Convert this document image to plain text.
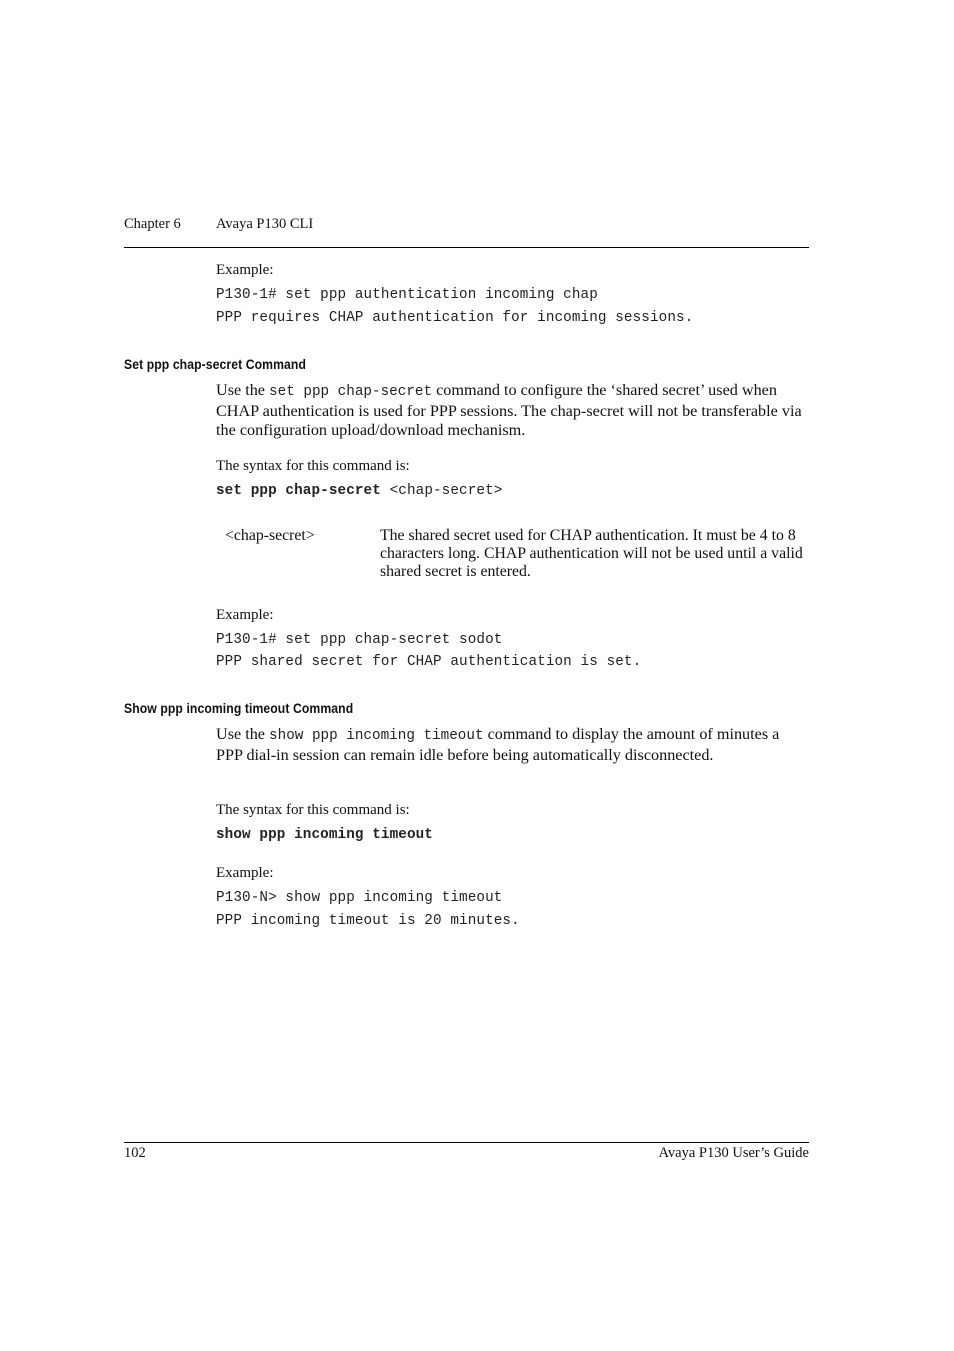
Chapter 6 Avaya P130 CLI
Example:
P130-1# set ppp authentication incoming chap
PPP requires CHAP authentication for incoming sessions.
Set ppp chap-secret Command
Use the set ppp chap-secret command to configure the ‘shared secret’ used when CHAP authentication is used for PPP sessions. The chap-secret will not be transferable via the configuration upload/download mechanism.
The syntax for this command is:
set ppp chap-secret <chap-secret>
<chap-secret>	The shared secret used for CHAP authentication. It must be 4 to 8 characters long. CHAP authentication will not be used until a valid shared secret is entered.
Example:
P130-1# set ppp chap-secret sodot
PPP shared secret for CHAP authentication is set.
Show ppp incoming timeout Command
Use the show ppp incoming timeout command to display the amount of minutes a PPP dial-in session can remain idle before being automatically disconnected.
The syntax for this command is:
show ppp incoming timeout
Example:
P130-N> show ppp incoming timeout
PPP incoming timeout is 20 minutes.
102	Avaya P130 User’s Guide
